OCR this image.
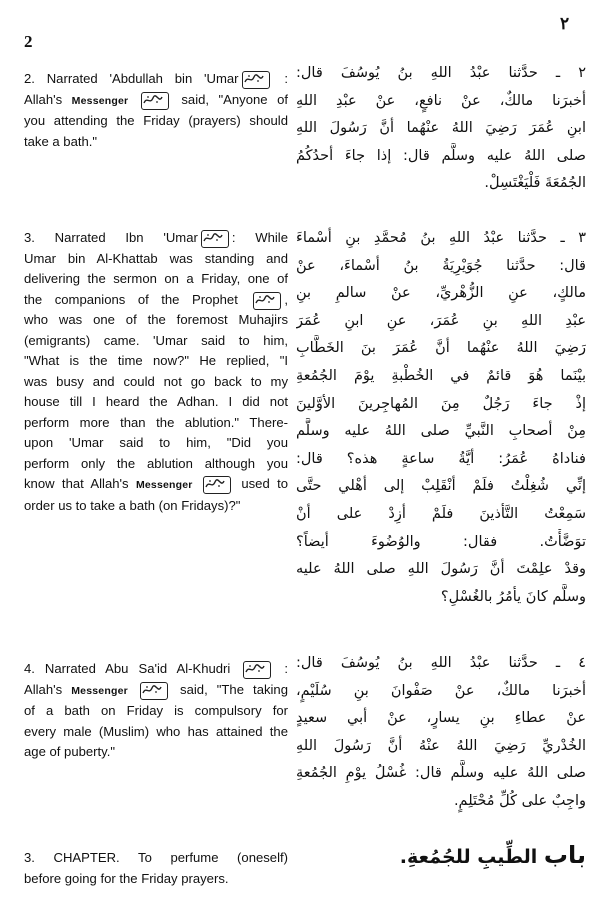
2
٢
2. Narrated 'Abdullah bin 'Umar	:
Allah's Messenger	said, "Anyone of
you attending the Friday (prayers) should
take a bath."
٢ ـ حدَّثنا عبْدُ اللهِ بنُ يُوسُفَ قال:
أخبرَنا مالكٌ، عنْ نافعٍ، عنْ عبْدِ اللهِ
ابنِ عُمَرَ رَضِيَ اللهُ عنْهُما أنَّ رَسُولَ اللهِ
صلى اللهُ عليه وسلَّم قال: إذا جاءَ أحدُكُمُ
الجُمُعَةَ فَلْيَغْتَسِلْ.
3. Narrated Ibn 'Umar	: While
Umar bin Al-Khattab was standing and
delivering the sermon on a Friday, one of
the companions of the Prophet	,
who was one of the foremost Muhajirs
(emigrants) came. 'Umar said to him,
"What is the time now?" He replied, "I
was busy and could not go back to my
house till I heard the Adhan. I did not
perform more than the ablution." There-
upon 'Umar said to him, "Did you
perform only the ablution although you
know that Allah's Messenger	used to
order us to take a bath (on Fridays)?"
٣ ـ حدَّثنا عبْدُ اللهِ بنُ مُحمَّدِ بنِ أسْماءَ
قال: حدَّثنا جُوَيْرِيَةُ بنُ أسْماءَ، عنْ
مالكٍ، عنِ الزُّهْريِّ، عنْ سالمِ بنِ
عبْدِ اللهِ بنِ عُمَرَ، عنِ ابنِ عُمَرَ
رَضِيَ اللهُ عنْهُما أنَّ عُمَرَ بنَ الخَطَّابِ
بيْنَما هُوَ قائمٌ في الخُطْبةِ يوْمَ الجُمُعةِ
إذْ جاءَ رَجُلٌ مِنَ المُهاجِرينَ الأوَّلينَ
مِنْ أصحابِ النَّبيِّ صلى اللهُ عليه وسلَّم
فناداهُ عُمَرُ: أيَّةُ ساعةٍ هذه؟ قال:
إنِّي شُغِلْتُ فلَمْ أنْقَلِبْ إلى أهْلي حتَّى
سَمِعْتُ التَّأذينَ فلَمْ أزِدْ على أنْ
توَضَّأْتُ. فقال: والوُضُوءَ أيضاً؟
وقدْ علِمْتَ أنَّ رَسُولَ اللهِ صلى اللهُ عليه
وسلَّم كانَ يأمُرُ بالغُسْلِ؟
4. Narrated Abu Sa'id Al-Khudri	:
Allah's Messenger	said, "The taking
of a bath on Friday is compulsory for
every male (Muslim) who has attained the
age of puberty."
٤ ـ حدَّثنا عبْدُ اللهِ بنُ يُوسُفَ قال:
أخبرَنا مالكٌ، عنْ صَفْوانَ بنِ سُلَيْمٍ،
عنْ عطاءِ بنِ يسارٍ، عنْ أبي سعيدٍ
الخُدْريِّ رَضِيَ اللهُ عنْهُ أنَّ رَسُولَ اللهِ
صلى اللهُ عليه وسلَّم قال: غُسْلُ يوْمِ الجُمُعةِ
واجِبٌ على كُلِّ مُحْتَلِمٍ.
3. CHAPTER. To perfume (oneself)
before going for the Friday prayers.
باب الطِّيبِ للجُمُعةِ.
